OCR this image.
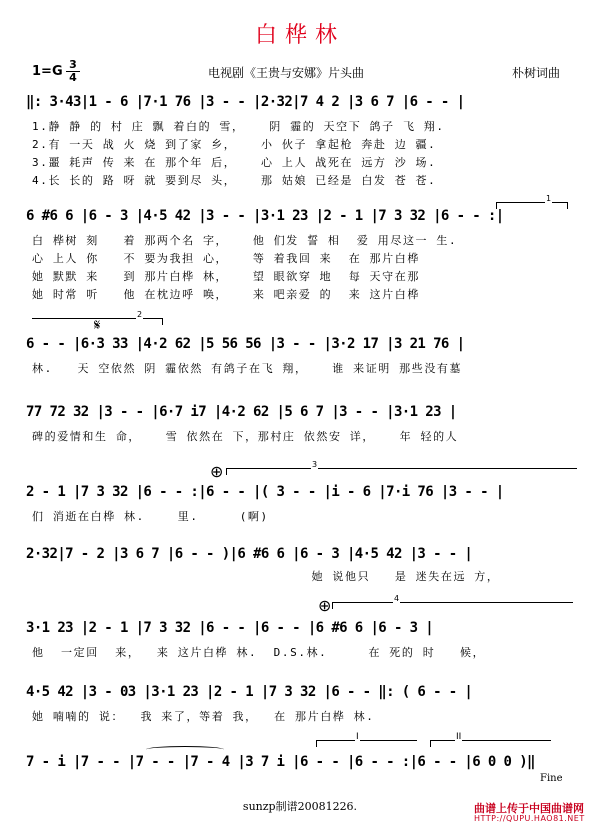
白桦林
1=G 3
4	电视剧《王贵与安娜》片头曲	朴树词曲
‖: 3·43|1 - 6 |7·1 76 |3 - - |2·32|7 4 2 |3 6 7 |6 - - |
1.静 静 的 村 庄 飘 着白的 雪，   阴 霾的 天空下 鸽子 飞 翔.
2.有 一天 战 火 烧 到了家 乡，   小 伙子 拿起枪 奔赴 边 疆.
3.噩 耗声 传 来 在 那个年 后，   心 上人 战死在 远方 沙 场.
4.长 长的 路 呀 就 要到尽 头，   那 姑娘 已经是 白发 苍 苍.
1
6 #6 6 |6 - 3 |4·5 42 |3 - - |3·1 23 |2 - 1 |7 3 32 |6 - - :|
白 桦树 刻   着 那两个名 字，   他 们发 誓 相  爱 用尽这一 生.
心 上人 你   不 要为我担 心，   等 着我回 来  在 那片白桦
她 默默 来   到 那片白桦 林，   望 眼欲穿 地  每 天守在那
她 时常 听   他 在枕边呼 唤，   来 吧亲爱 的  来 这片白桦
2
𝄋
6 - - |6·3 33 |4·2 62 |5 56 56 |3 - - |3·2 17 |3 21 76 |
林.   天 空依然 阴 霾依然 有鸽子在飞 翔，   谁 来证明 那些没有墓
77 72 32 |3 - - |6·7 i7 |4·2 62 |5 6 7 |3 - - |3·1 23 |
碑的爱情和生 命，   雪 依然在 下，那村庄 依然安 详，   年 轻的人
⊕	3
2 - 1 |7 3 32 |6 - - :|6 - - |( 3 - - |i - 6 |7·i 76 |3 - - |
们 消逝在白桦 林.    里.     (啊)
2·32|7 - 2 |3 6 7 |6 - - )|6 #6 6 |6 - 3 |4·5 42 |3 - - |
她 说他只   是 迷失在远 方，
⊕	4
3·1 23 |2 - 1 |7 3 32 |6 - - |6 - - |6 #6 6 |6 - 3 |
他  一定回  来，  来 这片白桦 林.  D.S.林.     在 死的 时   候，
4·5 42 |3 - 03 |3·1 23 |2 - 1 |7 3 32 |6 - - ‖: ( 6 - - |
她 喃喃的 说：  我 来了，等着 我，  在 那片白桦 林.
I	II
7 - i |7 - - |7 - - |7 - 4 |3 7 i |6 - - |6 - - :|6 - - |6 0 0 )‖
Fine
sunzp制谱20081226.	曲谱上传于中国曲谱网
HTTP://QUPU.HAO81.NET
